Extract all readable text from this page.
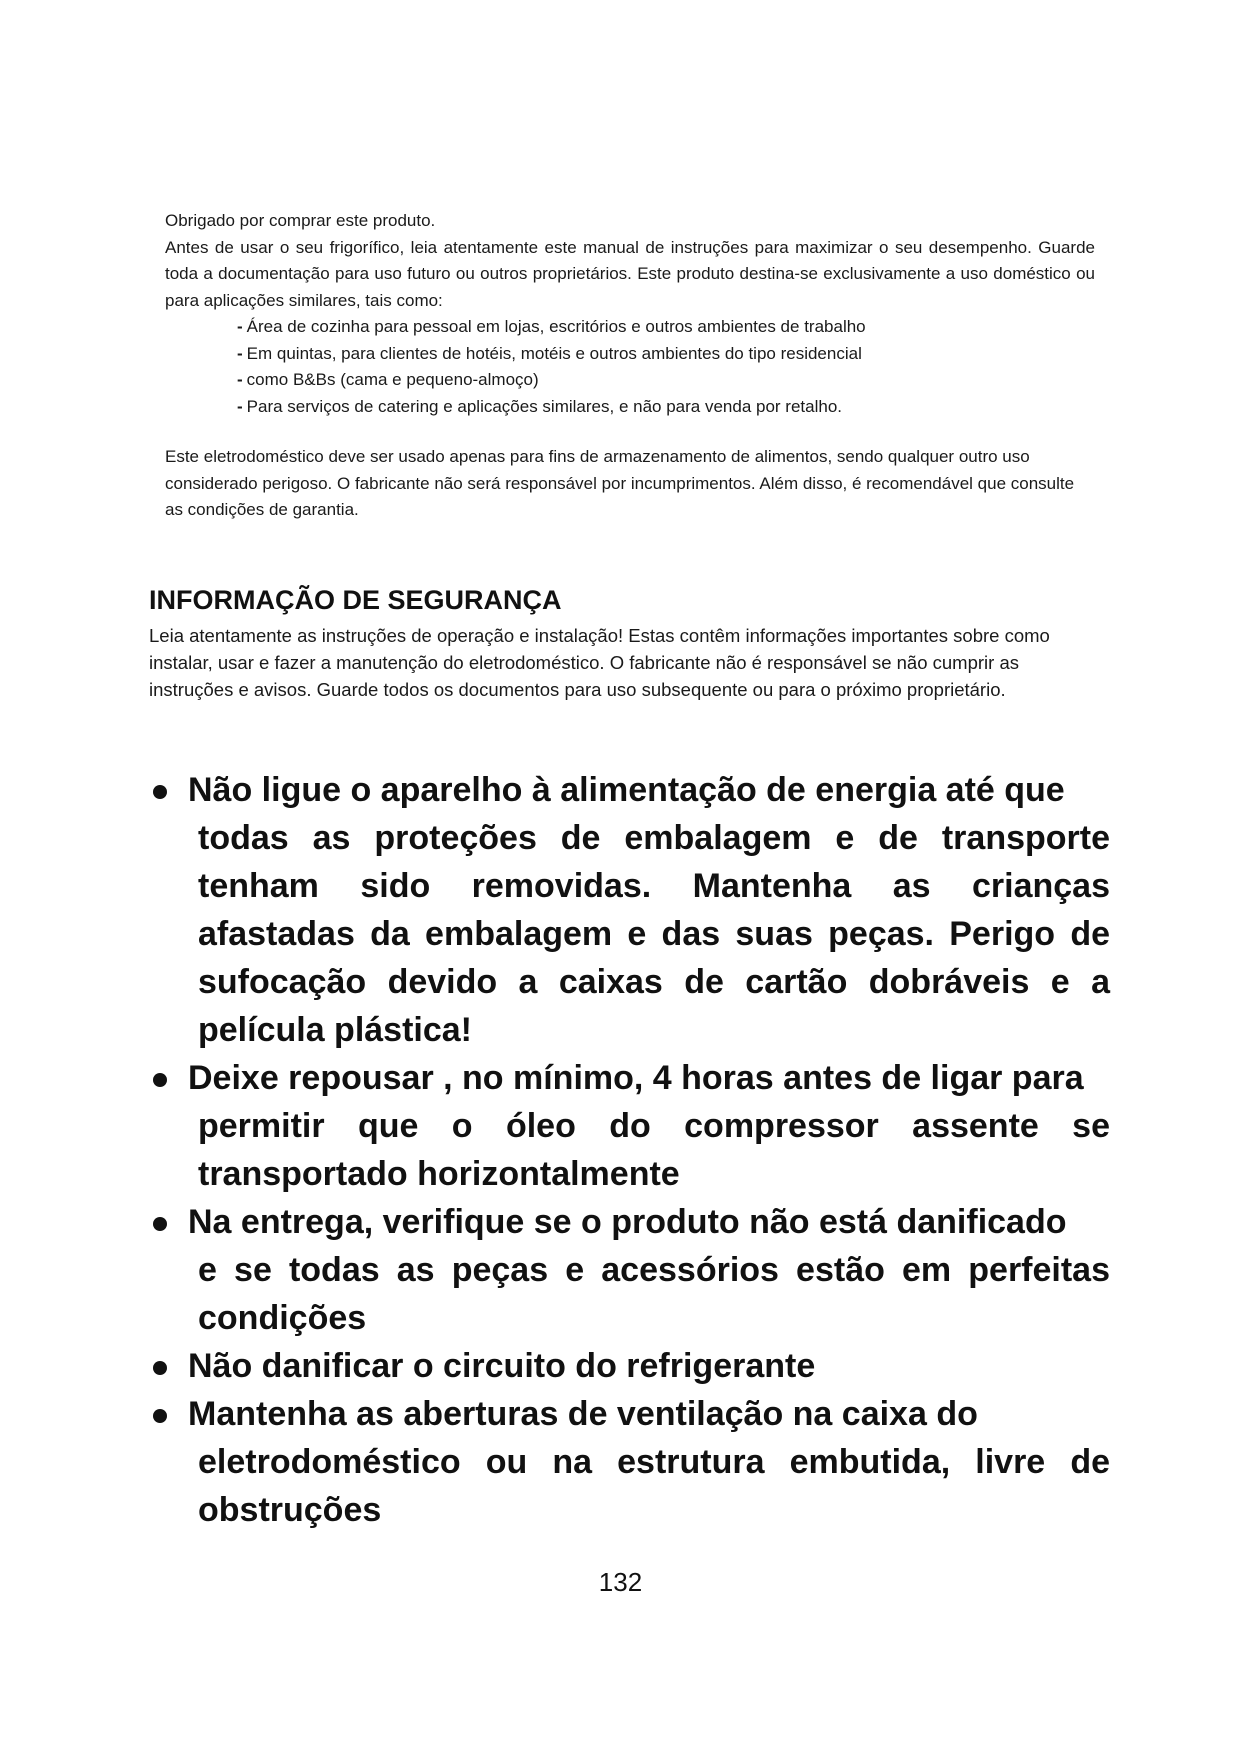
Obrigado por comprar este produto.

Antes de usar o seu frigorífico, leia atentamente este manual de instruções para maximizar o seu desempenho. Guarde toda a documentação para uso futuro ou outros proprietários. Este produto destina-se exclusivamente a uso doméstico ou para aplicações similares, tais como:

- Área de cozinha para pessoal em lojas, escritórios e outros ambientes de trabalho
- Em quintas, para clientes de hotéis, motéis e outros ambientes do tipo residencial
- como B&Bs (cama e pequeno-almoço)
- Para serviços de catering e aplicações similares, e não para venda por retalho.

Este eletrodoméstico deve ser usado apenas para fins de armazenamento de alimentos, sendo qualquer outro uso considerado perigoso. O fabricante não será responsável por incumprimentos. Além disso, é recomendável que consulte as condições de garantia.

INFORMAÇÃO DE SEGURANÇA

Leia atentamente as instruções de operação e instalação! Estas contêm informações importantes sobre como instalar, usar e fazer a manutenção do eletrodoméstico. O fabricante não é responsável se não cumprir as instruções e avisos. Guarde todos os documentos para uso subsequente ou para o próximo proprietário.

Não ligue o aparelho à alimentação de energia até que
todas as proteções de embalagem e de transporte tenham sido removidas. Mantenha as crianças afastadas da embalagem e das suas peças. Perigo de sufocação devido a caixas de cartão dobráveis e a película plástica!
Deixe repousar , no mínimo, 4 horas antes de ligar para
permitir que o óleo do compressor assente se transportado horizontalmente
Na entrega, verifique se o produto não está danificado
e se todas as peças e acessórios estão em perfeitas condições
Não danificar o circuito do refrigerante
Mantenha as aberturas de ventilação na caixa do
eletrodoméstico ou na estrutura embutida, livre de obstruções
132
